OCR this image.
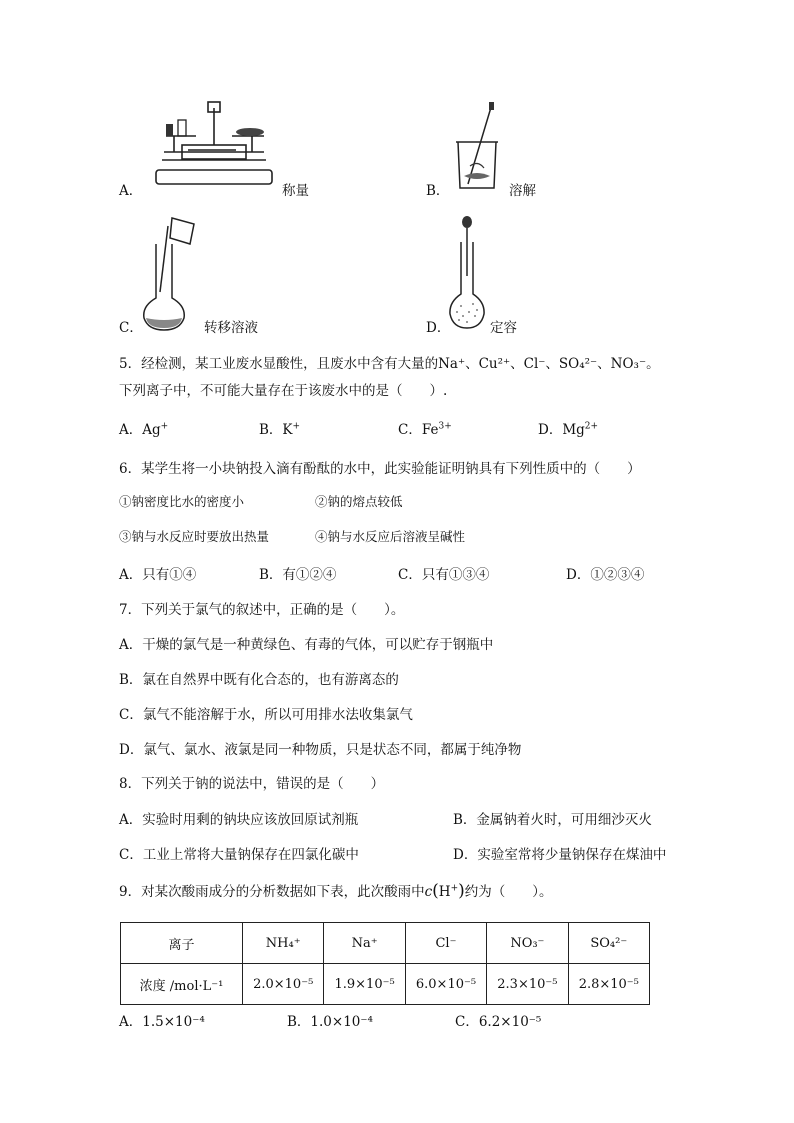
A．	称量	B．	溶解
C．	转移溶液	D．	定容
5．经检测，某工业废水显酸性，且废水中含有大量的Na⁺、Cu²⁺、Cl⁻、SO₄²⁻、NO₃⁻。
下列离子中，不可能大量存在于该废水中的是（　　）.
A．Ag+	B．K+	C．$Fe^{3+}$	D．$Mg^{2+}$
6．某学生将一小块钠投入滴有酚酞的水中，此实验能证明钠具有下列性质中的（　　）
①钠密度比水的密度小	②钠的熔点较低
③钠与水反应时要放出热量	④钠与水反应后溶液呈碱性
A．只有①④	B．有①②④	C．只有①③④	D．①②③④
7．下列关于氯气的叙述中，正确的是（　　）。
A．干燥的氯气是一种黄绿色、有毒的气体，可以贮存于钢瓶中
B．氯在自然界中既有化合态的，也有游离态的
C．氯气不能溶解于水，所以可用排水法收集氯气
D．氯气、氯水、液氯是同一种物质，只是状态不同，都属于纯净物
8．下列关于钠的说法中，错误的是（　　）
A．实验时用剩的钠块应该放回原试剂瓶	B．金属钠着火时，可用细沙灭火
C．工业上常将大量钠保存在四氯化碳中	D．实验室常将少量钠保存在煤油中
9．对某次酸雨成分的分析数据如下表，此次酸雨中c(H+)约为（　　）。
离子	NH₄⁺	Na⁺	Cl⁻	NO₃⁻	SO₄²⁻
浓度 /mol·L⁻¹	2.0×10⁻⁵	1.9×10⁻⁵	6.0×10⁻⁵	2.3×10⁻⁵	2.8×10⁻⁵
A．1.5×10⁻⁴	B．1.0×10⁻⁴	C．6.2×10⁻⁵
